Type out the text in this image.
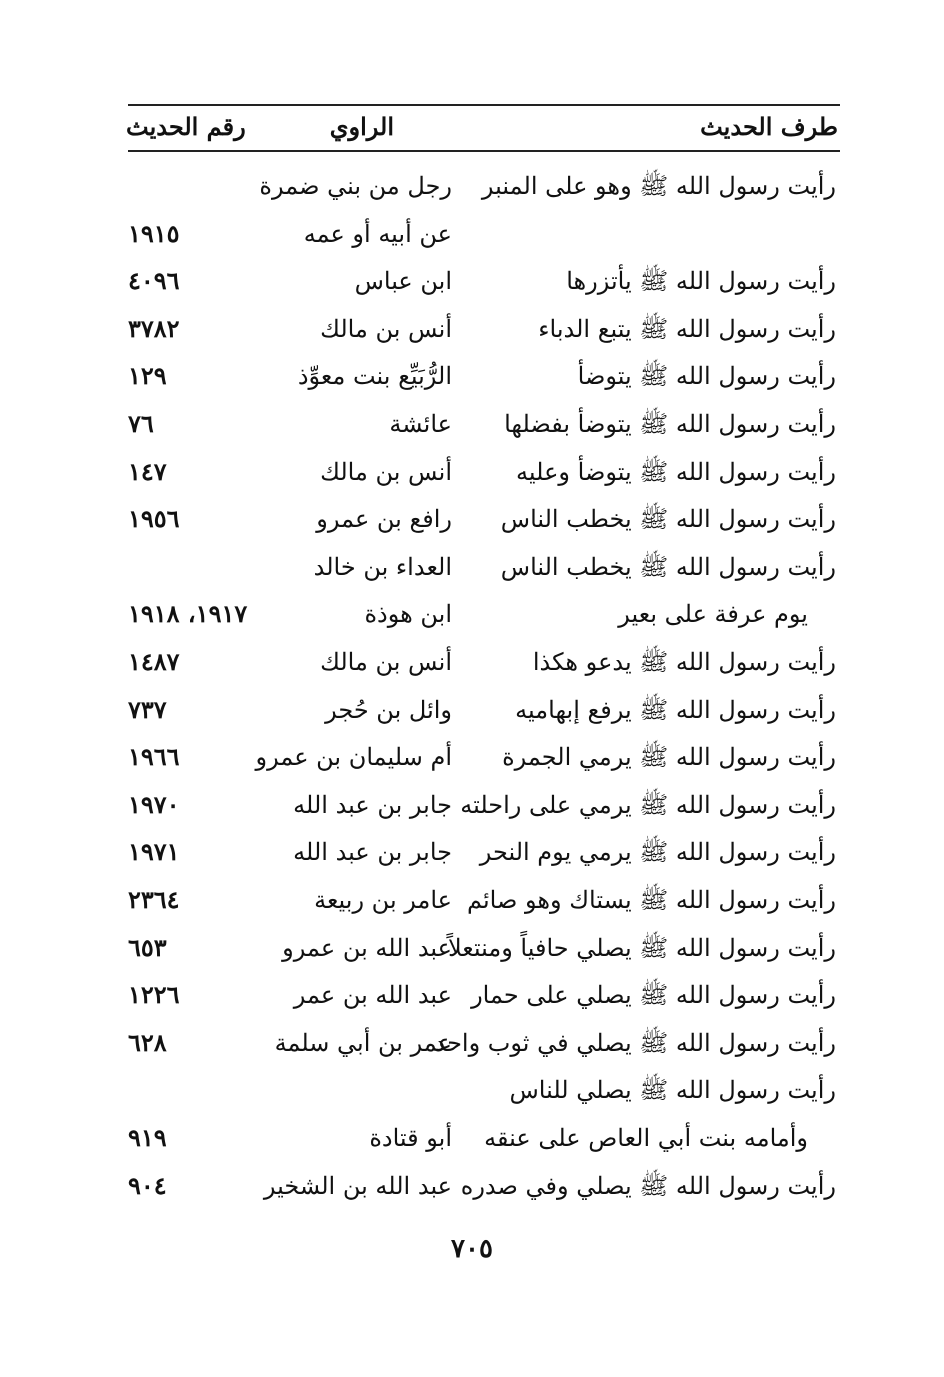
طرف الحديث
الراوي
رقم الحديث
رأيت رسول الله ﷺ وهو على المنبر
رجل من بني ضمرة
عن أبيه أو عمه
١٩١٥
رأيت رسول الله ﷺ يأتزرها
ابن عباس
٤٠٩٦
رأيت رسول الله ﷺ يتبع الدباء
أنس بن مالك
٣٧٨٢
رأيت رسول الله ﷺ يتوضأ
الرُّبَيِّع بنت معوِّذ
١٢٩
رأيت رسول الله ﷺ يتوضأ بفضلها
عائشة
٧٦
رأيت رسول الله ﷺ يتوضأ وعليه
أنس بن مالك
١٤٧
رأيت رسول الله ﷺ يخطب الناس
رافع بن عمرو
١٩٥٦
رأيت رسول الله ﷺ يخطب الناس
العداء بن خالد
يوم عرفة على بعير
ابن هوذة
١٩١٧، ١٩١٨
رأيت رسول الله ﷺ يدعو هكذا
أنس بن مالك
١٤٨٧
رأيت رسول الله ﷺ يرفع إبهاميه
وائل بن حُجر
٧٣٧
رأيت رسول الله ﷺ يرمي الجمرة
أم سليمان بن عمرو
١٩٦٦
رأيت رسول الله ﷺ يرمي على راحلته
جابر بن عبد الله
١٩٧٠
رأيت رسول الله ﷺ يرمي يوم النحر
جابر بن عبد الله
١٩٧١
رأيت رسول الله ﷺ يستاك وهو صائم
عامر بن ربيعة
٢٣٦٤
رأيت رسول الله ﷺ يصلي حافياً ومنتعلاً
عبد الله بن عمرو
٦٥٣
رأيت رسول الله ﷺ يصلي على حمار
عبد الله بن عمر
١٢٢٦
رأيت رسول الله ﷺ يصلي في ثوب واحد
عمر بن أبي سلمة
٦٢٨
رأيت رسول الله ﷺ يصلي للناس
وأمامه بنت أبي العاص على عنقه
أبو قتادة
٩١٩
رأيت رسول الله ﷺ يصلي وفي صدره
عبد الله بن الشخير
٩٠٤
٧٠٥
